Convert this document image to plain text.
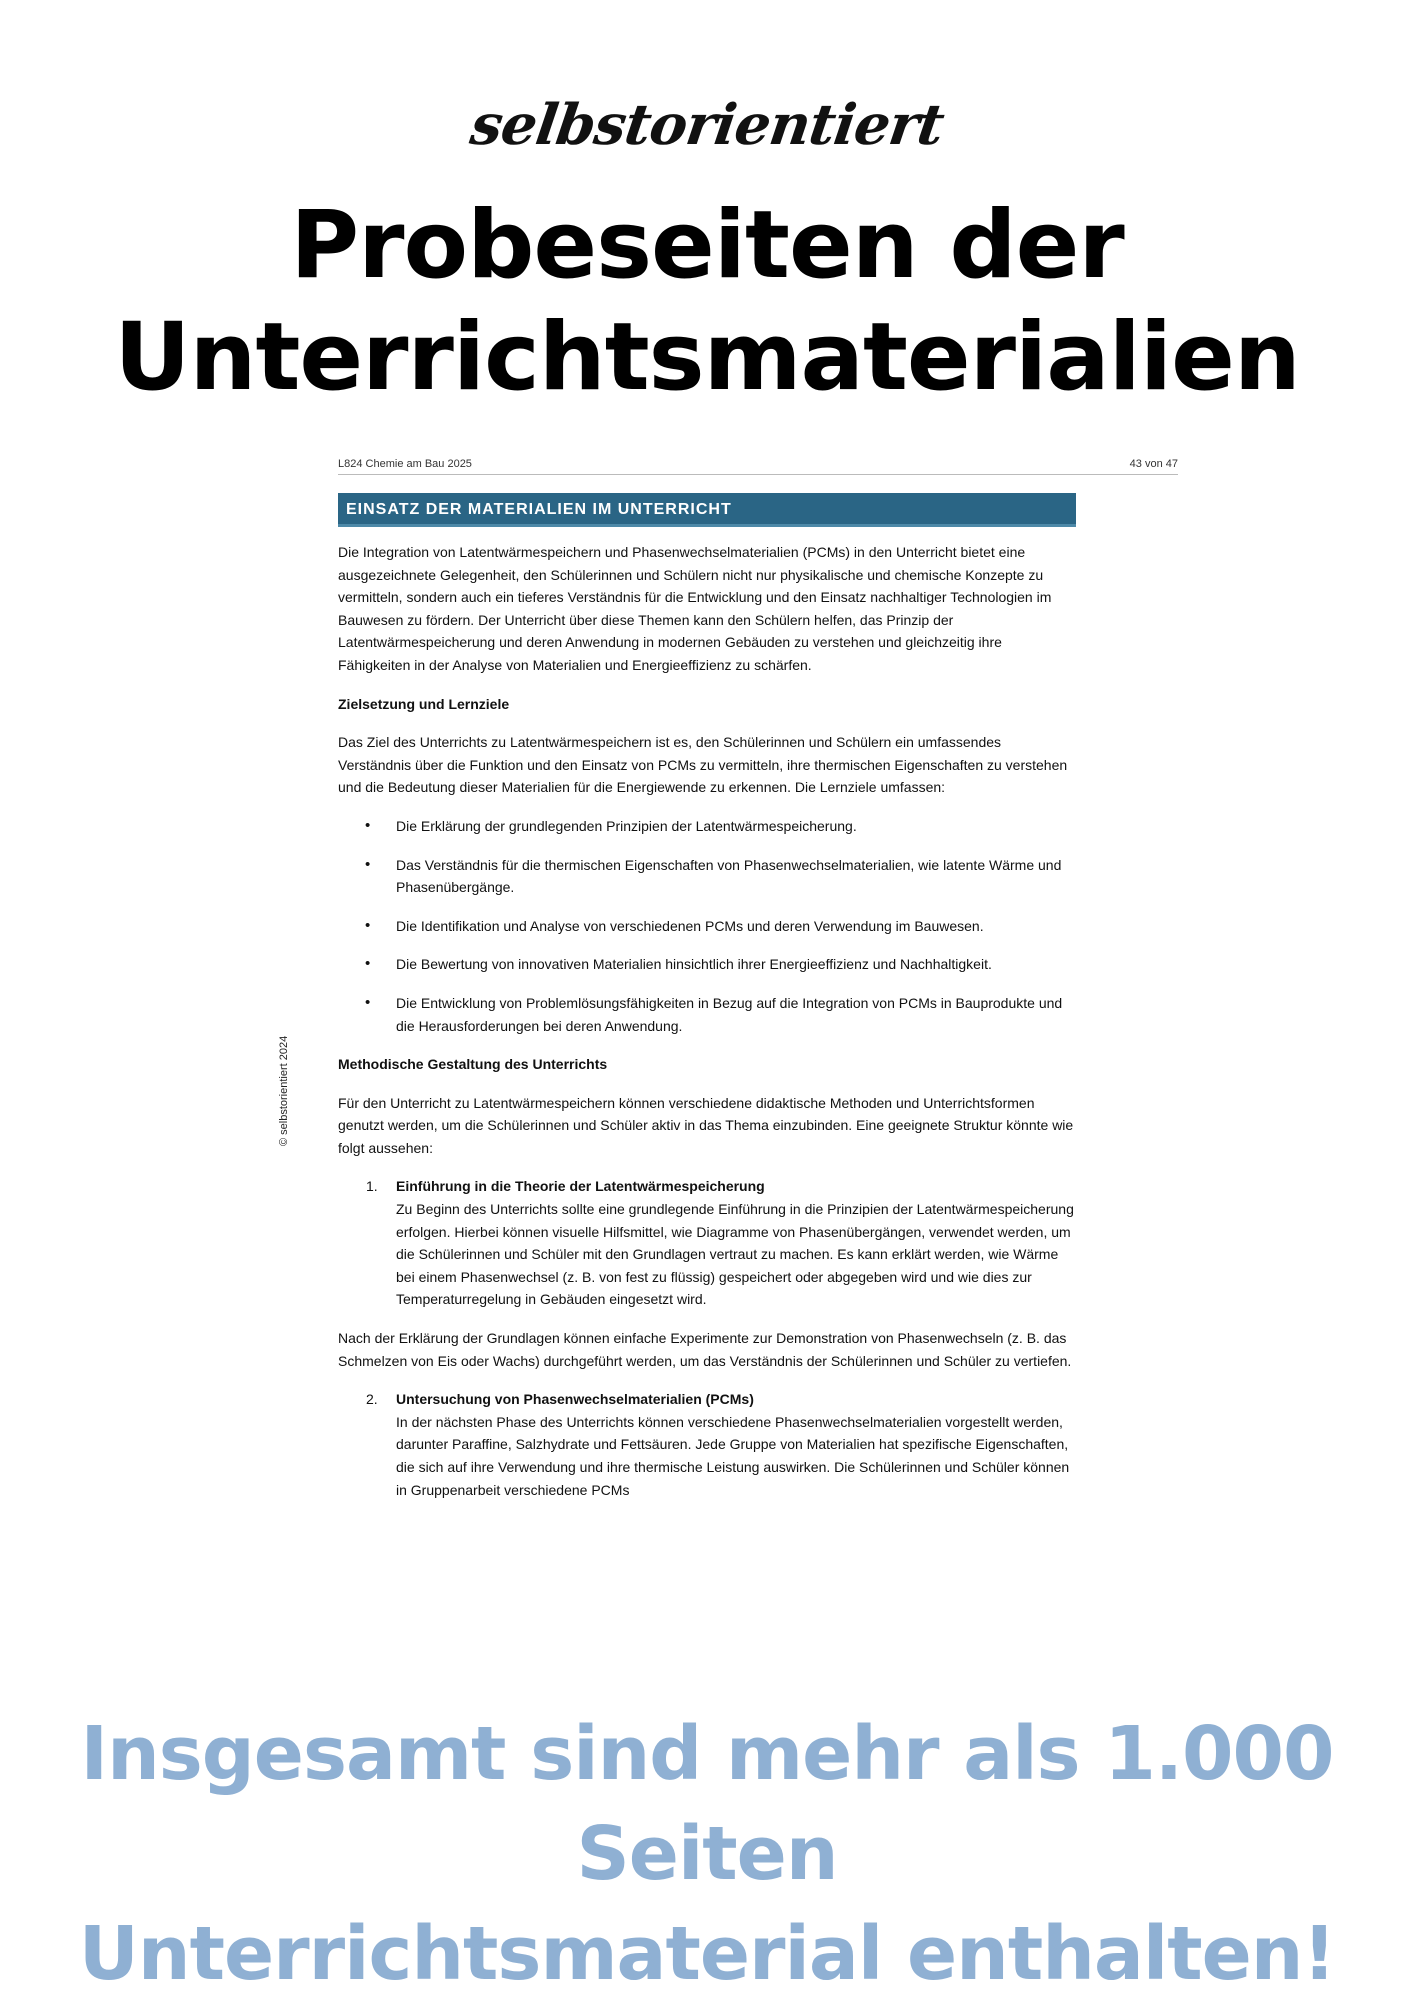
selbstorientiert
Probeseiten der
Unterrichtsmaterialien
© selbstorientiert 2024
L824 Chemie am Bau 2025	43 von 47
EINSATZ DER MATERIALIEN IM UNTERRICHT

Die Integration von Latentwärmespeichern und Phasenwechselmaterialien (PCMs) in den Unterricht bietet eine ausgezeichnete Gelegenheit, den Schülerinnen und Schülern nicht nur physikalische und chemische Konzepte zu vermitteln, sondern auch ein tieferes Verständnis für die Entwicklung und den Einsatz nachhaltiger Technologien im Bauwesen zu fördern. Der Unterricht über diese Themen kann den Schülern helfen, das Prinzip der Latentwärmespeicherung und deren Anwendung in modernen Gebäuden zu verstehen und gleichzeitig ihre Fähigkeiten in der Analyse von Materialien und Energieeffizienz zu schärfen.

Zielsetzung und Lernziele

Das Ziel des Unterrichts zu Latentwärmespeichern ist es, den Schülerinnen und Schülern ein umfassendes Verständnis über die Funktion und den Einsatz von PCMs zu vermitteln, ihre thermischen Eigenschaften zu verstehen und die Bedeutung dieser Materialien für die Energiewende zu erkennen. Die Lernziele umfassen:

• Die Erklärung der grundlegenden Prinzipien der Latentwärmespeicherung.
• Das Verständnis für die thermischen Eigenschaften von Phasenwechselmaterialien, wie latente Wärme und Phasenübergänge.
• Die Identifikation und Analyse von verschiedenen PCMs und deren Verwendung im Bauwesen.
• Die Bewertung von innovativen Materialien hinsichtlich ihrer Energieeffizienz und Nachhaltigkeit.
• Die Entwicklung von Problemlösungsfähigkeiten in Bezug auf die Integration von PCMs in Bauprodukte und die Herausforderungen bei deren Anwendung.
Methodische Gestaltung des Unterrichts

Für den Unterricht zu Latentwärmespeichern können verschiedene didaktische Methoden und Unterrichtsformen genutzt werden, um die Schülerinnen und Schüler aktiv in das Thema einzubinden. Eine geeignete Struktur könnte wie folgt aussehen:

1. Einführung in die Theorie der Latentwärmespeicherung
Zu Beginn des Unterrichts sollte eine grundlegende Einführung in die Prinzipien der Latentwärmespeicherung erfolgen. Hierbei können visuelle Hilfsmittel, wie Diagramme von Phasenübergängen, verwendet werden, um die Schülerinnen und Schüler mit den Grundlagen vertraut zu machen. Es kann erklärt werden, wie Wärme bei einem Phasenwechsel (z. B. von fest zu flüssig) gespeichert oder abgegeben wird und wie dies zur Temperaturregelung in Gebäuden eingesetzt wird.

Nach der Erklärung der Grundlagen können einfache Experimente zur Demonstration von Phasenwechseln (z. B. das Schmelzen von Eis oder Wachs) durchgeführt werden, um das Verständnis der Schülerinnen und Schüler zu vertiefen.

2. Untersuchung von Phasenwechselmaterialien (PCMs)
In der nächsten Phase des Unterrichts können verschiedene Phasenwechselmaterialien vorgestellt werden, darunter Paraffine, Salzhydrate und Fettsäuren. Jede Gruppe von Materialien hat spezifische Eigenschaften, die sich auf ihre Verwendung und ihre thermische Leistung auswirken. Die Schülerinnen und Schüler können in Gruppenarbeit verschiedene PCMs
Insgesamt sind mehr als 1.000 Seiten
Unterrichtsmaterial enthalten!
